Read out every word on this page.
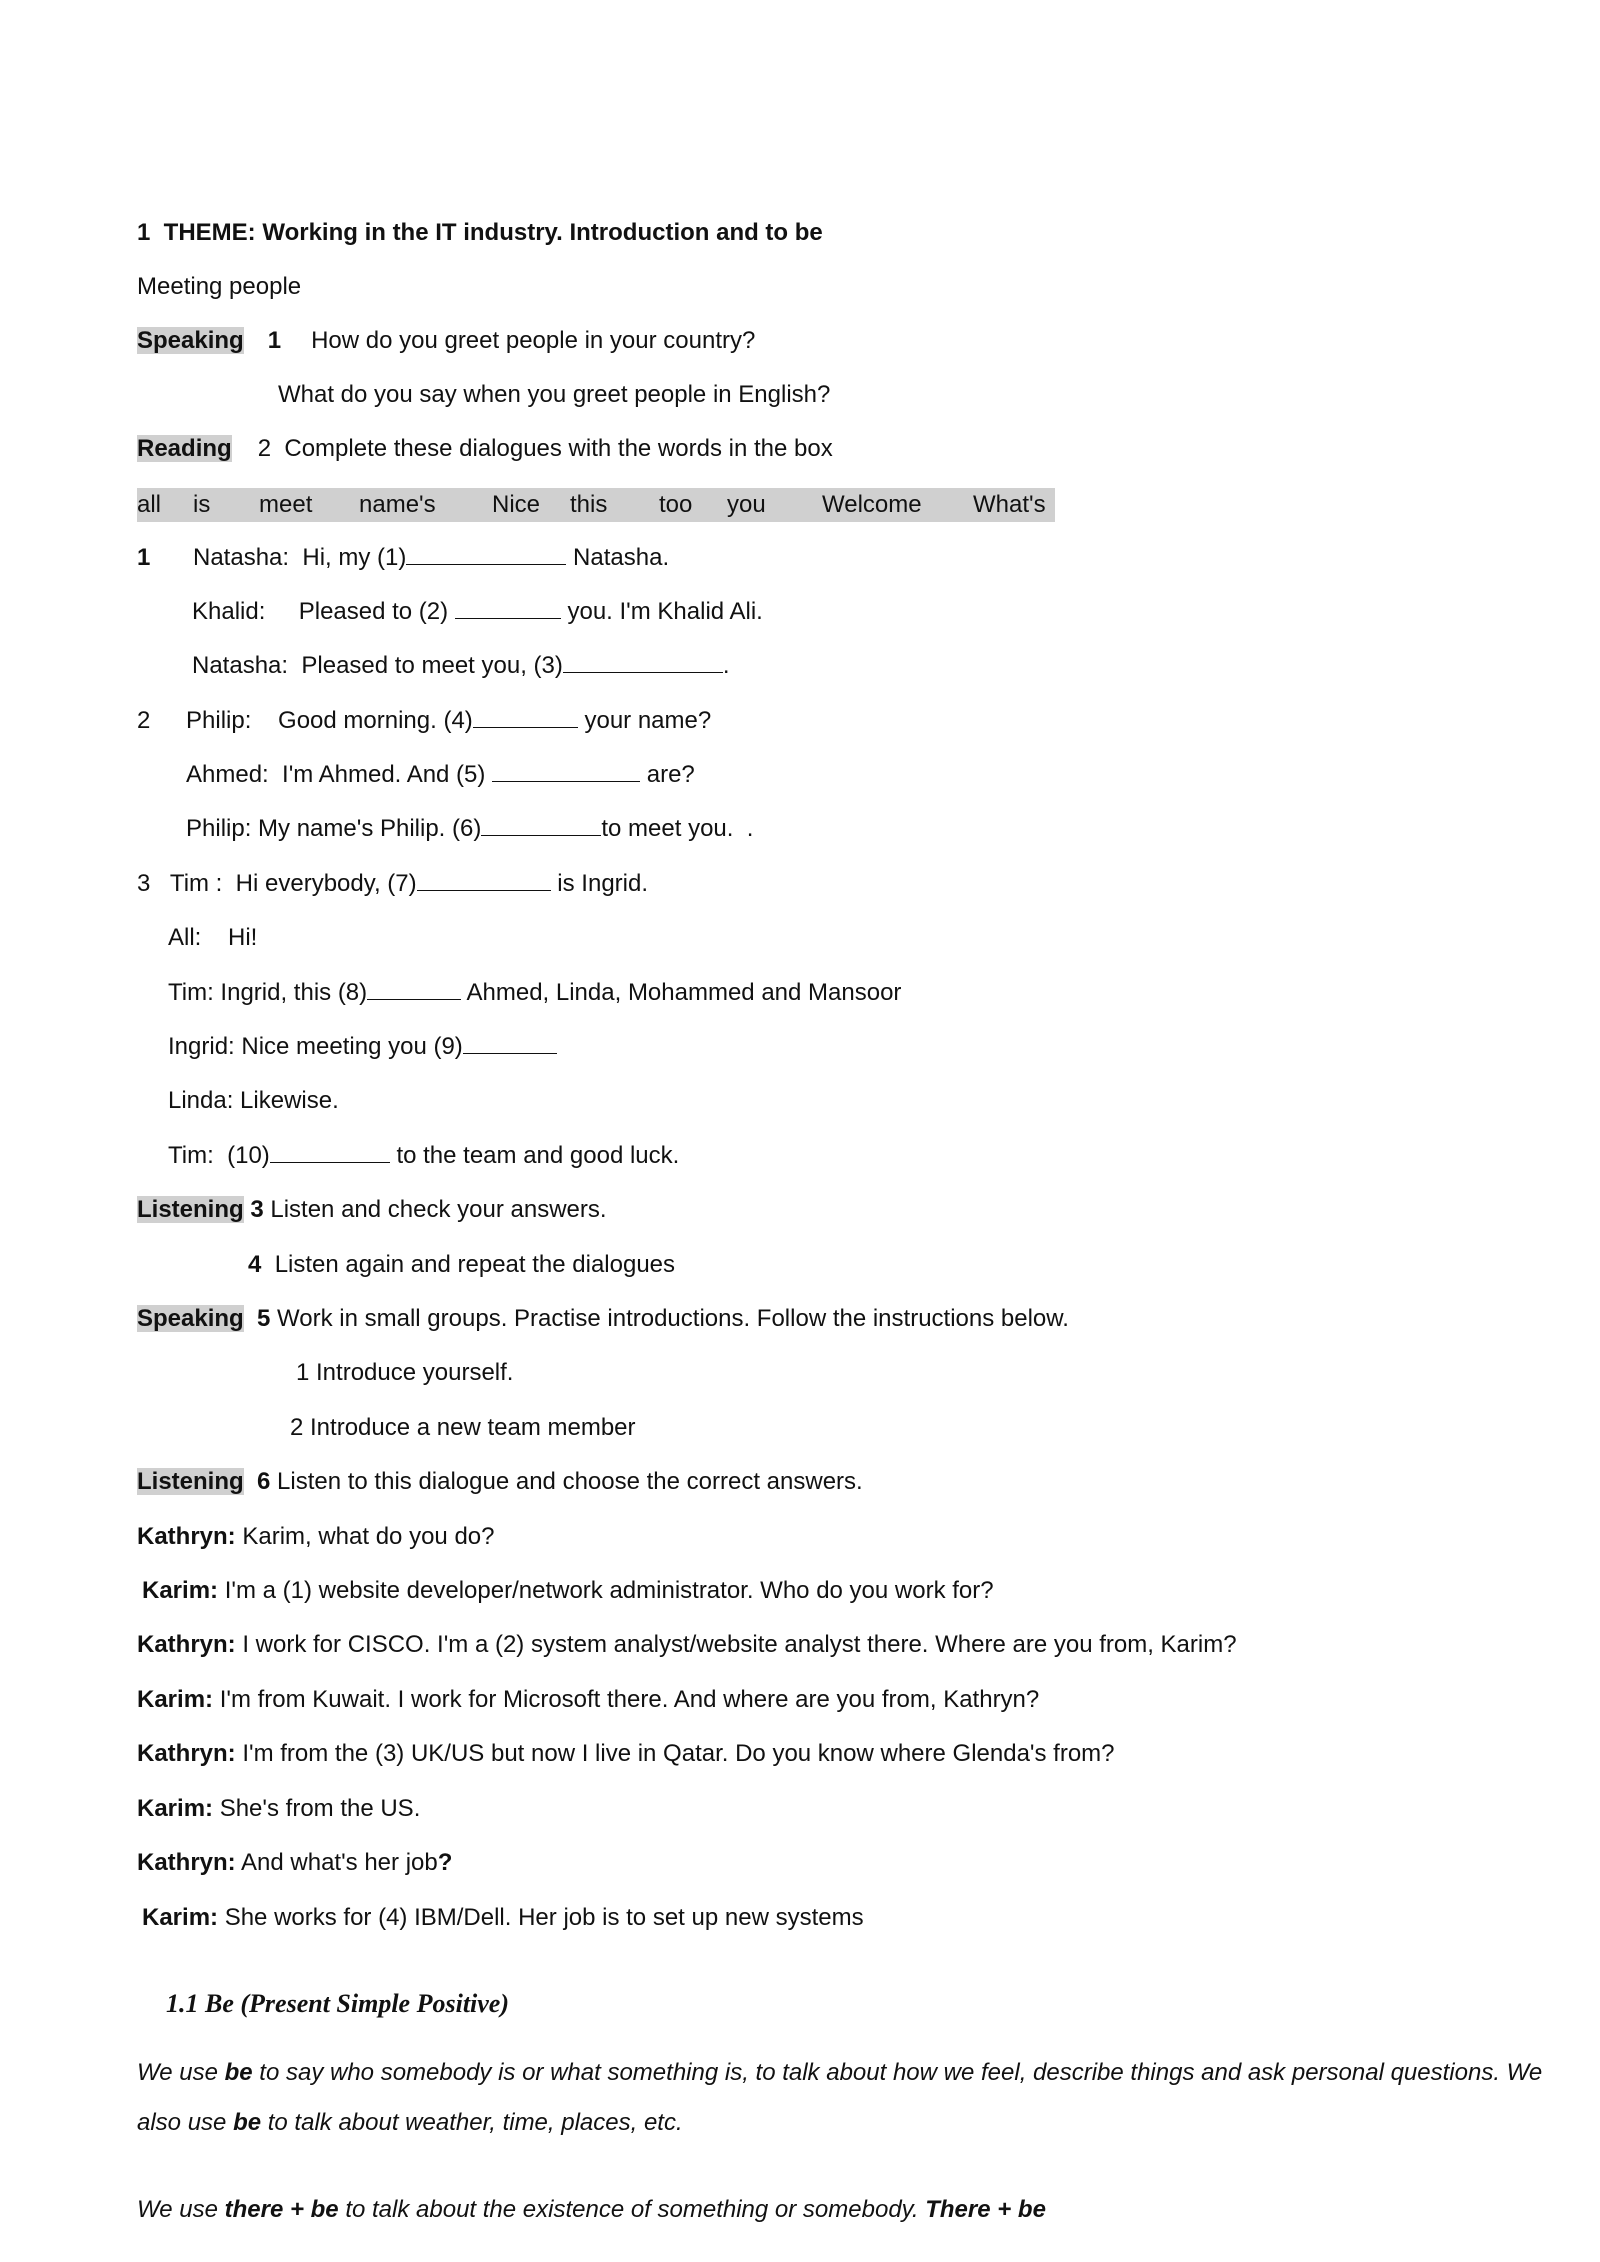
1  THEME: Working in the IT industry. Introduction and to be
Meeting people
Speaking 1 How do you greet people in your country?
What do you say when you greet people in English?
Reading 2  Complete these dialogues with the words in the box
all is meet name's Nice this too you Welcome What's
1 Natasha:  Hi, my (1)	Natasha.
Khalid:     Pleased to (2)	you. I'm Khalid Ali.
Natasha:  Pleased to meet you, (3)	.
2 Philip:    Good morning. (4)	your name?
Ahmed:  I'm Ahmed. And (5)	are?
Philip: My name's Philip. (6)	to meet you.  .
3   Tim :  Hi everybody, (7)	is Ingrid.
All:    Hi!
Tim: Ingrid, this (8)	Ahmed, Linda, Mohammed and Mansoor
Ingrid: Nice meeting you (9)
Linda: Likewise.
Tim:  (10)	to the team and good luck.
Listening 3 Listen and check your answers.
4  Listen again and repeat the dialogues
Speaking  5 Work in small groups. Practise introductions. Follow the instructions below.
1 Introduce yourself.
2 Introduce a new team member
Listening  6 Listen to this dialogue and choose the correct answers.
Kathryn: Karim, what do you do?
Karim: I'm a (1) website developer/network administrator. Who do you work for?
Kathryn: I work for CISCO. I'm a (2) system analyst/website analyst there. Where are you from, Karim?
Karim: I'm from Kuwait. I work for Microsoft there. And where are you from, Kathryn?
Kathryn: I'm from the (3) UK/US but now I live in Qatar. Do you know where Glenda's from?
Karim: She's from the US.
Kathryn: And what's her job?
Karim: She works for (4) IBM/Dell. Her job is to set up new systems
1.1 Be (Present Simple Positive)
We use be to say who somebody is or what something is, to talk about how we feel, describe things and ask personal questions. We also use be to talk about weather, time, places, etc.
We use there + be to talk about the existence of something or somebody. There + be
